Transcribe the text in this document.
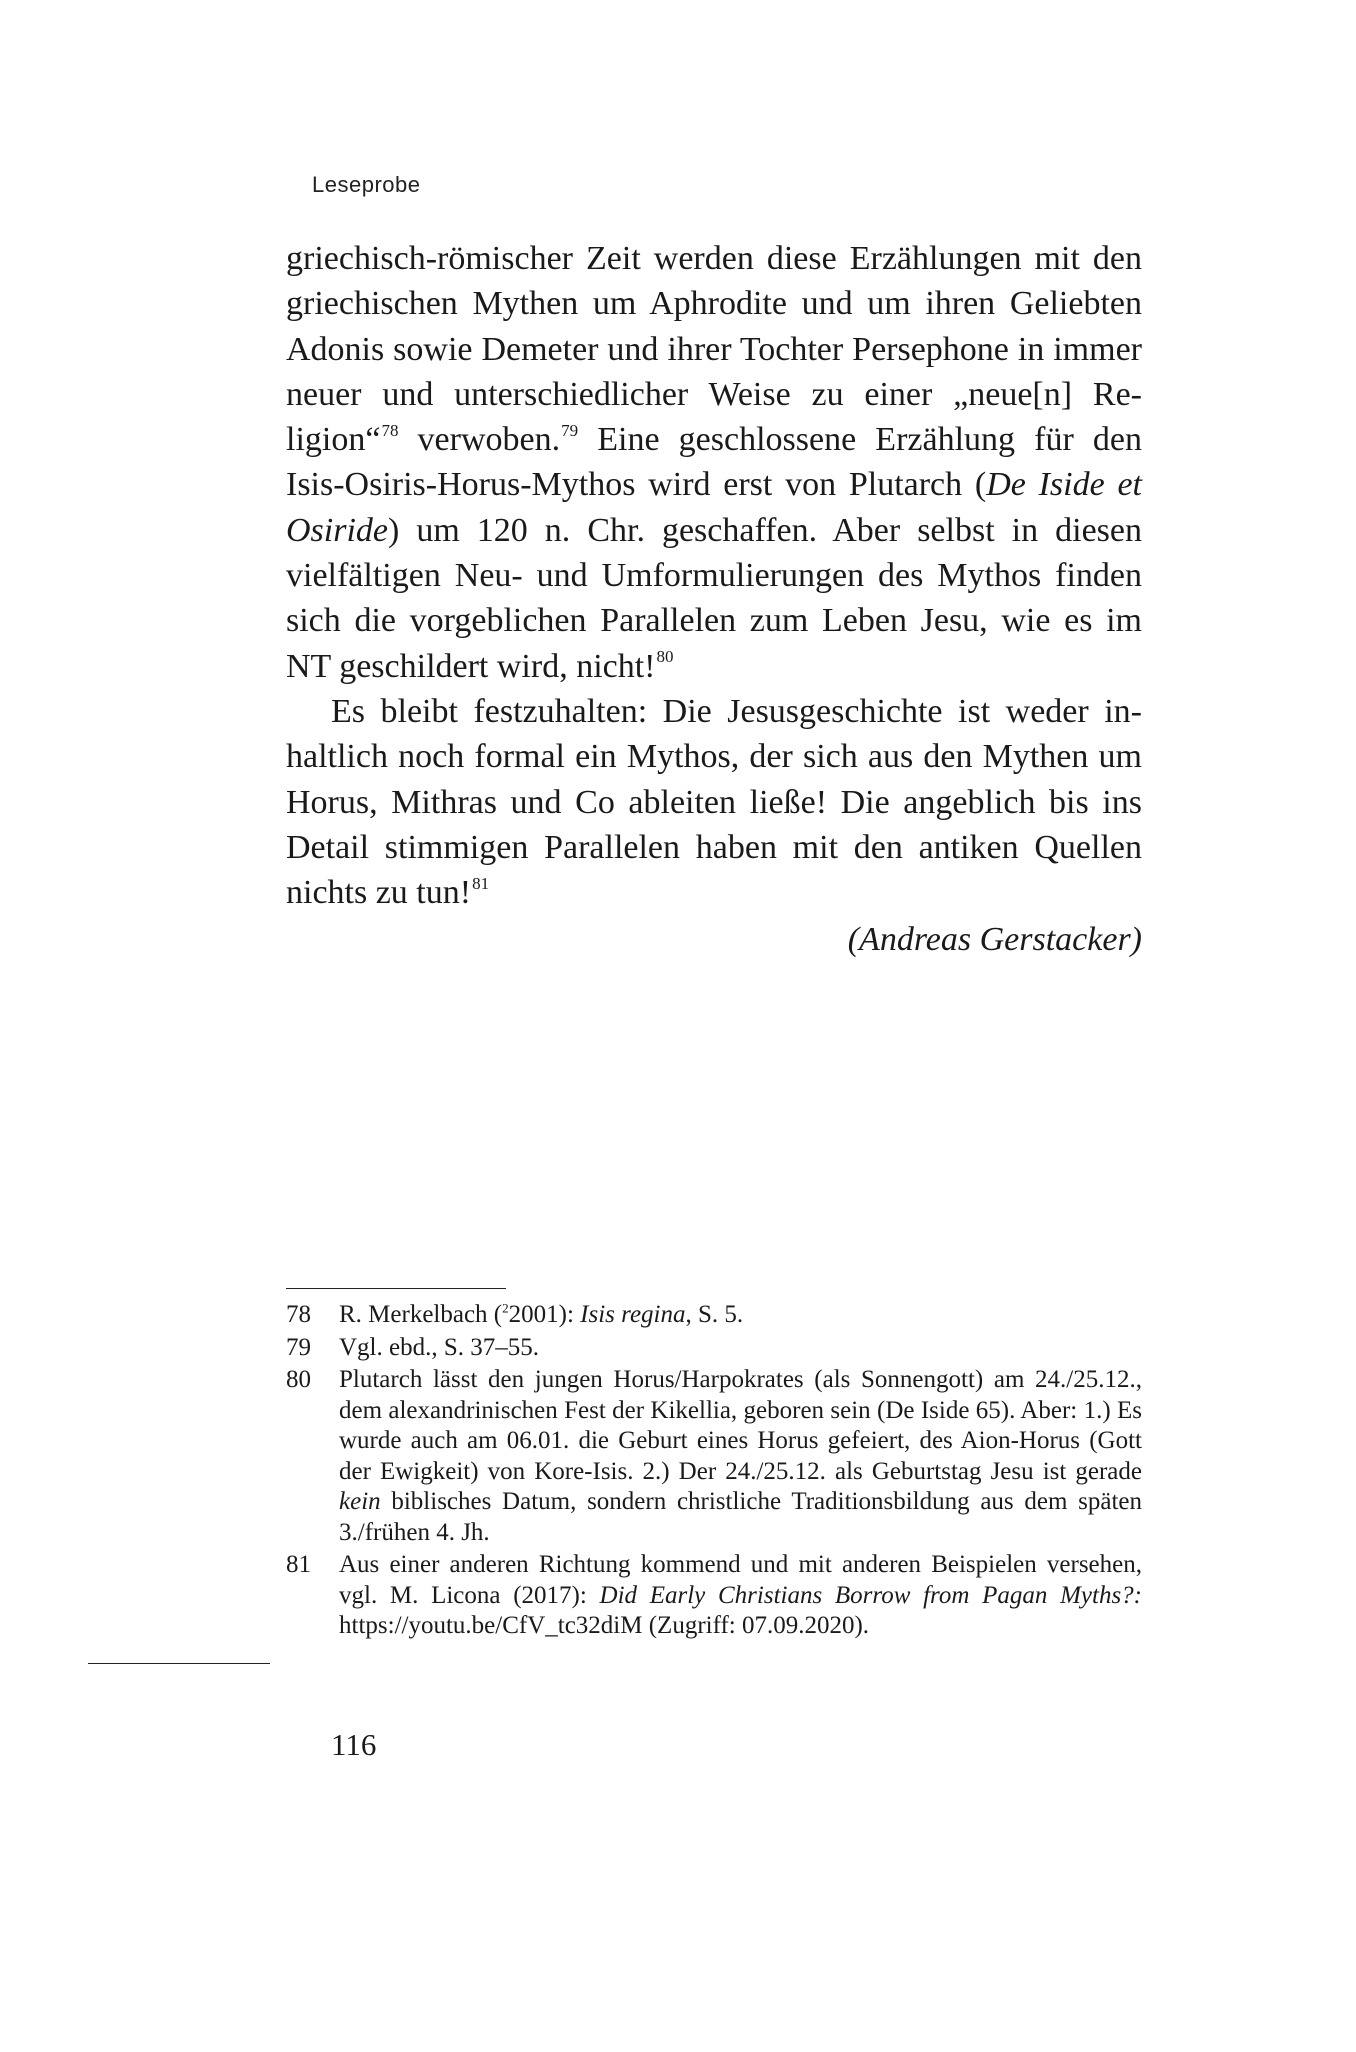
Leseprobe

griechisch-römischer Zeit werden diese Erzählungen mit den griechischen Mythen um Aphrodite und um ihren Geliebten Adonis sowie Demeter und ihrer Tochter Persephone in immer neuer und unterschiedlicher Weise zu einer „neue[n] Religion“$^{78}$ verwoben.$^{79}$ Eine geschlossene Erzählung für den Isis-Osiris-Horus-Mythos wird erst von Plutarch (De Iside et Osiride) um 120 n. Chr. geschaffen. Aber selbst in diesen vielfältigen Neu- und Umformulierungen des Mythos finden sich die vorgeblichen Parallelen zum Leben Jesu, wie es im NT geschildert wird, nicht!$^{80}$

Es bleibt festzuhalten: Die Jesusgeschichte ist weder inhaltlich noch formal ein Mythos, der sich aus den Mythen um Horus, Mithras und Co ableiten ließe! Die angeblich bis ins Detail stimmigen Parallelen haben mit den antiken Quellen nichts zu tun!$^{81}$

(Andreas Gerstacker)
78 R. Merkelbach ($^2$2001): Isis regina, S. 5.
79 Vgl. ebd., S. 37–55.
80 Plutarch lässt den jungen Horus/Harpokrates (als Sonnengott) am 24./25.12., dem alexandrinischen Fest der Kikellia, geboren sein (De Iside 65). Aber: 1.) Es wurde auch am 06.01. die Geburt eines Horus gefeiert, des Aion-Horus (Gott der Ewigkeit) von Kore-Isis. 2.) Der 24./25.12. als Geburtstag Jesu ist gerade kein biblisches Datum, sondern christliche Traditionsbildung aus dem späten 3./frühen 4. Jh.
81 Aus einer anderen Richtung kommend und mit anderen Beispielen versehen, vgl. M. Licona (2017): Did Early Christians Borrow from Pagan Myths?: https://youtu.be/CfV_tc32diM (Zugriff: 07.09.2020).
116
